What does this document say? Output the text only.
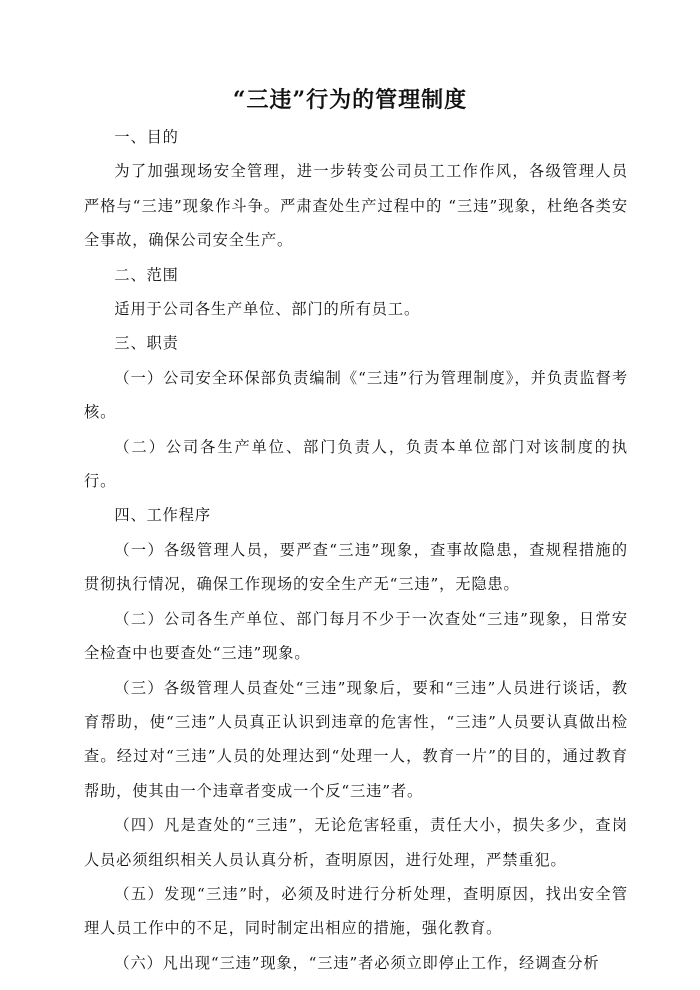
“三违”行为的管理制度

一、目的

为了加强现场安全管理，进一步转变公司员工工作作风，各级管理人员严格与“三违”现象作斗争。严肃查处生产过程中的 “三违”现象，杜绝各类安全事故，确保公司安全生产。

二、范围

适用于公司各生产单位、部门的所有员工。

三、职责

（一）公司安全环保部负责编制《“三违”行为管理制度》，并负责监督考核。

（二）公司各生产单位、部门负责人，负责本单位部门对该制度的执行。

四、工作程序

（一）各级管理人员，要严查“三违”现象，查事故隐患，查规程措施的贯彻执行情况，确保工作现场的安全生产无“三违”，无隐患。

（二）公司各生产单位、部门每月不少于一次查处“三违”现象，日常安全检查中也要查处“三违”现象。

（三）各级管理人员查处“三违”现象后，要和“三违”人员进行谈话，教育帮助，使“三违”人员真正认识到违章的危害性，“三违”人员要认真做出检查。经过对“三违”人员的处理达到“处理一人，教育一片”的目的，通过教育帮助，使其由一个违章者变成一个反“三违”者。

（四）凡是查处的“三违”，无论危害轻重，责任大小，损失多少，查岗人员必须组织相关人员认真分析，查明原因，进行处理，严禁重犯。

（五）发现“三违”时，必须及时进行分析处理，查明原因，找出安全管理人员工作中的不足，同时制定出相应的措施，强化教育。

（六）凡出现“三违”现象，“三违”者必须立即停止工作，经调查分析
